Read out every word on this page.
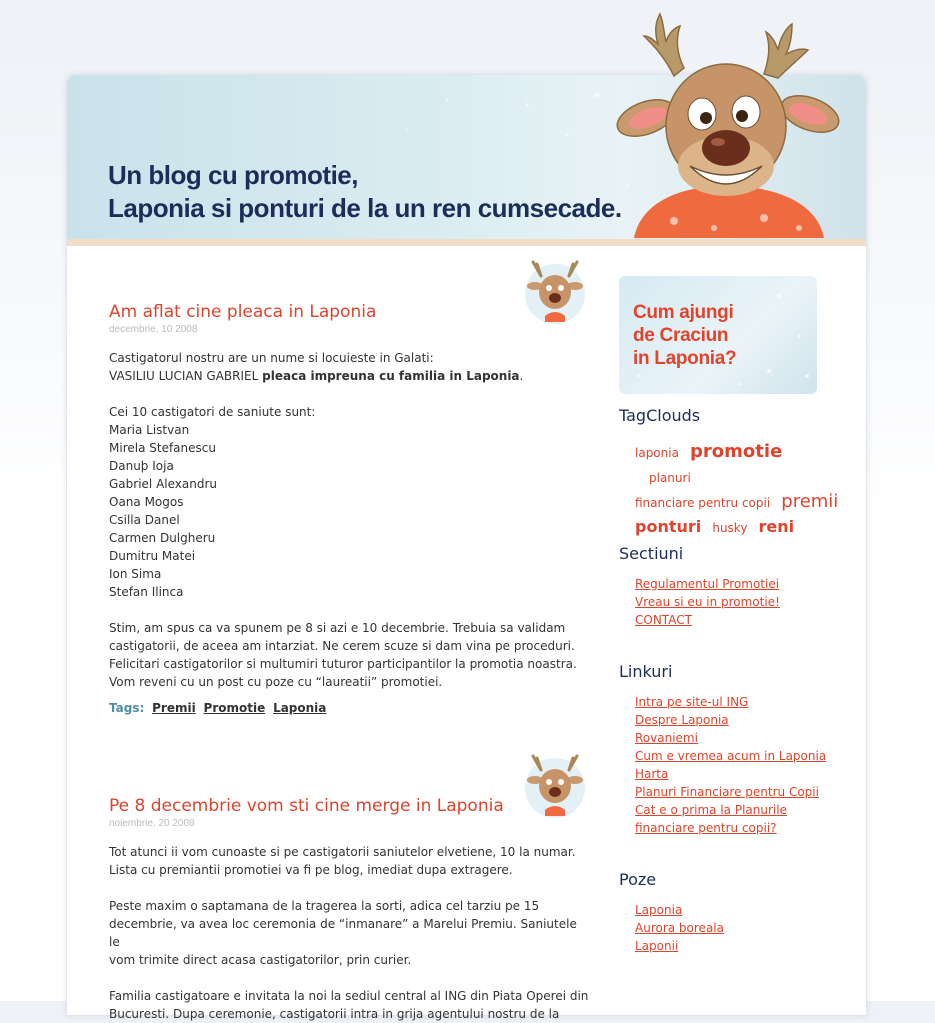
Un blog cu promotie,
Laponia si ponturi de la un ren cumsecade.
Am aflat cine pleaca in Laponia
decembrie, 10 2008

Castigatorul nostru are un nume si locuieste in Galati:

VASILIU LUCIAN GABRIEL pleaca impreuna cu familia in Laponia.

Cei 10 castigatori de saniute sunt:

Maria Listvan

Mirela Stefanescu

Danuþ Ioja

Gabriel Alexandru

Oana Mogos

Csilla Danel

Carmen Dulgheru

Dumitru Matei

Ion Sima

Stefan Ilinca

Stim, am spus ca va spunem pe 8 si azi e 10 decembrie. Trebuia sa validam

castigatorii, de aceea am intarziat. Ne cerem scuze si dam vina pe proceduri.

Felicitari castigatorilor si multumiri tuturor participantilor la promotia noastra.

Vom reveni cu un post cu poze cu “laureatii” promotiei.

Tags: Premii Promotie Laponia
Pe 8 decembrie vom sti cine merge in Laponia
noiembrie, 20 2008

Tot atunci ii vom cunoaste si pe castigatorii saniutelor elvetiene, 10 la numar.

Lista cu premiantii promotiei va fi pe blog, imediat dupa extragere.

Peste maxim o saptamana de la tragerea la sorti, adica cel tarziu pe 15

decembrie, va avea loc ceremonia de “inmanare” a Marelui Premiu. Saniutele le

vom trimite direct acasa castigatorilor, prin curier.

Familia castigatoare e invitata la noi la sediul central al ING din Piata Operei din

Bucuresti. Dupa ceremonie, castigatorii intra in grija agentului nostru de la

Cum ajungi
de Craciun
in Laponia?
TagClouds
laponia promotie planuri
financiare pentru copii premii
ponturi husky reni
Sectiuni
Regulamentul Promotiei
Vreau si eu in promotie!
CONTACT
Linkuri
Intra pe site-ul ING
Despre Laponia
Rovaniemi
Cum e vremea acum in Laponia
Harta
Planuri Financiare pentru Copii
Cat e o prima la Planurile
financiare pentru copii?
Poze
Laponia
Aurora boreala
Laponii
